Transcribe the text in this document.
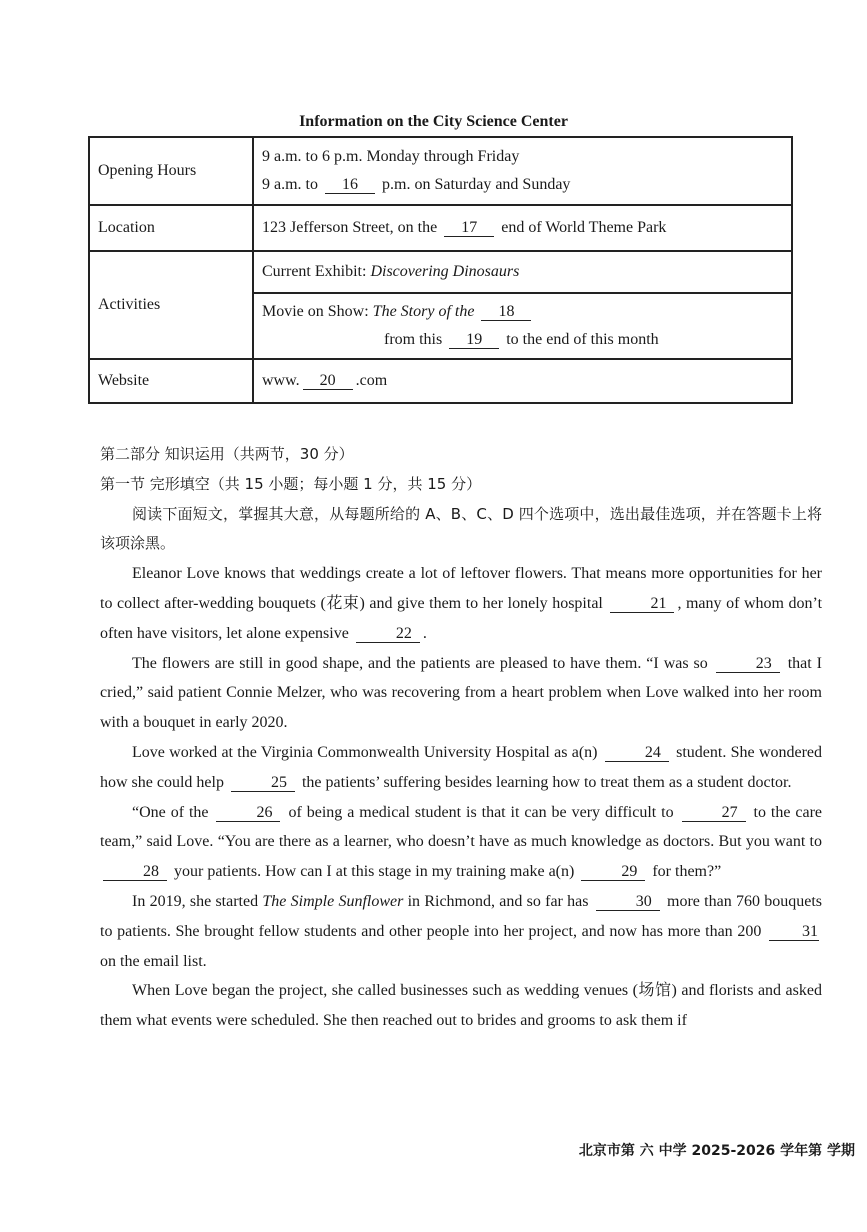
Information on the City Science Center
Opening Hours	9 a.m. to 6 p.m. Monday through Friday
9 a.m. to 16 p.m. on Saturday and Sunday
Location	123 Jefferson Street, on the 17 end of World Theme Park
Activities	Current Exhibit: Discovering Dinosaurs
	Movie on Show: The Story of the 18
from this 19 to the end of this month
Website	www. 20 .com

第二部分 知识运用（共两节，30 分）

第一节 完形填空（共 15 小题；每小题 1 分，共 15 分）

阅读下面短文，掌握其大意，从每题所给的 A、B、C、D 四个选项中，选出最佳选项，并在答题卡上将该项涂黑。

Eleanor Love knows that weddings create a lot of leftover flowers. That means more opportunities for her to collect after-wedding bouquets (花束) and give them to her lonely hospital	21 , many of whom don’t often have visitors, let alone expensive	22 .

The flowers are still in good shape, and the patients are pleased to have them. “I was so	23 that I cried,” said patient Connie Melzer, who was recovering from a heart problem when Love walked into her room with a bouquet in early 2020.

Love worked at the Virginia Commonwealth University Hospital as a(n)	24 student. She wondered how she could help	25 the patients’ suffering besides learning how to treat them as a student doctor.

“One of the	26 of being a medical student is that it can be very difficult to	27 to the care team,” said Love. “You are there as a learner, who doesn’t have as much knowledge as doctors. But you want to 28 your patients. How can I at this stage in my training make a(n)	29 for them?”

In 2019, she started The Simple Sunflower in Richmond, and so far has	30 more than 760 bouquets to patients. She brought fellow students and other people into her project, and now has more than 200	31 on the email list.

When Love began the project, she called businesses such as wedding venues (场馆) and florists and asked them what events were scheduled. She then reached out to brides and grooms to ask them if

北京市第 六 中学 2025-2026 学年第 学期
